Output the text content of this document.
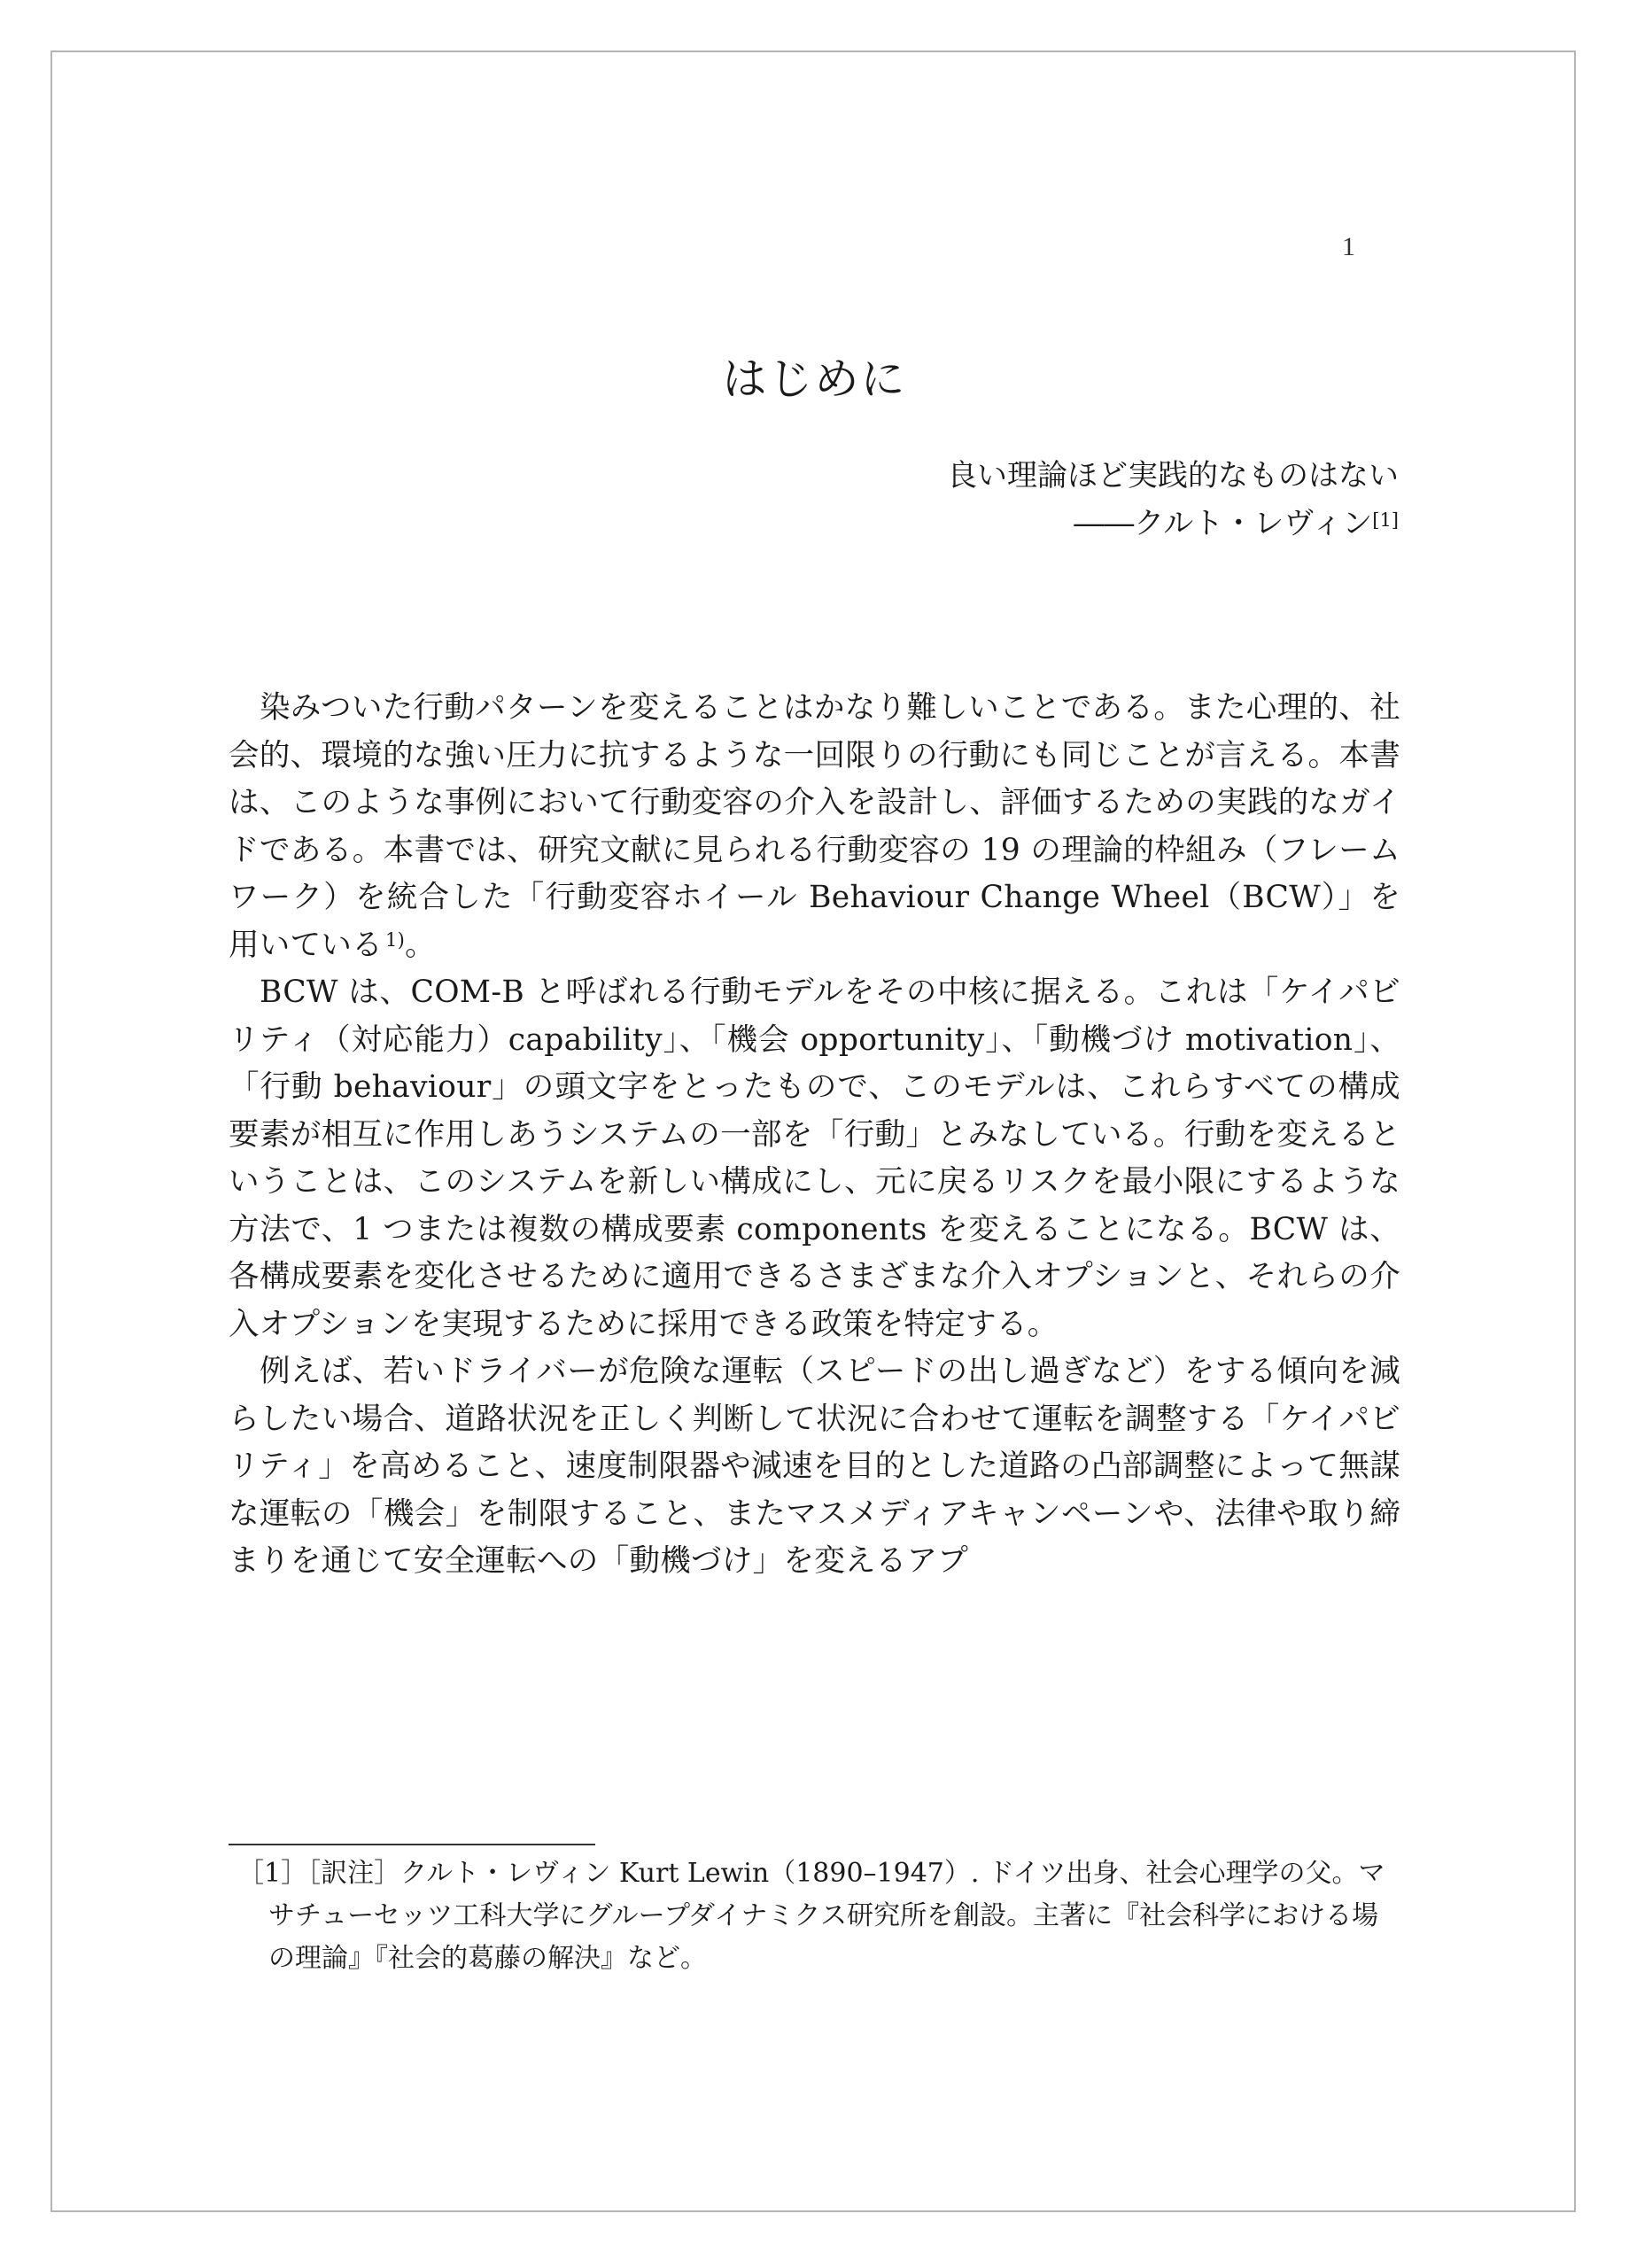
1
はじめに
良い理論ほど実践的なものはない
――クルト・レヴィン[1]

染みついた行動パターンを変えることはかなり難しいことである。また心理的、社会的、環境的な強い圧力に抗するような一回限りの行動にも同じことが言える。本書は、このような事例において行動変容の介入を設計し、評価するための実践的なガイドである。本書では、研究文献に見られる行動変容の 19 の理論的枠組み（フレームワーク）を統合した「行動変容ホイール Behaviour Change Wheel（BCW）」を用いている $^{1)}$。

BCW は、COM-B と呼ばれる行動モデルをその中核に据える。これは「ケイパビリティ（対応能力）capability」、「機会 opportunity」、「動機づけ motivation」、「行動 behaviour」の頭文字をとったもので、このモデルは、これらすべての構成要素が相互に作用しあうシステムの一部を「行動」とみなしている。行動を変えるということは、このシステムを新しい構成にし、元に戻るリスクを最小限にするような方法で、1 つまたは複数の構成要素 components を変えることになる。BCW は、各構成要素を変化させるために適用できるさまざまな介入オプションと、それらの介入オプションを実現するために採用できる政策を特定する。

例えば、若いドライバーが危険な運転（スピードの出し過ぎなど）をする傾向を減らしたい場合、道路状況を正しく判断して状況に合わせて運転を調整する「ケイパビリティ」を高めること、速度制限器や減速を目的とした道路の凸部調整によって無謀な運転の「機会」を制限すること、またマスメディアキャンペーンや、法律や取り締まりを通じて安全運転への「動機づけ」を変えるアプ

［1］［訳注］クルト・レヴィン Kurt Lewin（1890–1947）. ドイツ出身、社会心理学の父。マサチューセッツ工科大学にグループダイナミクス研究所を創設。主著に『社会科学における場の理論』『社会的葛藤の解決』など。
